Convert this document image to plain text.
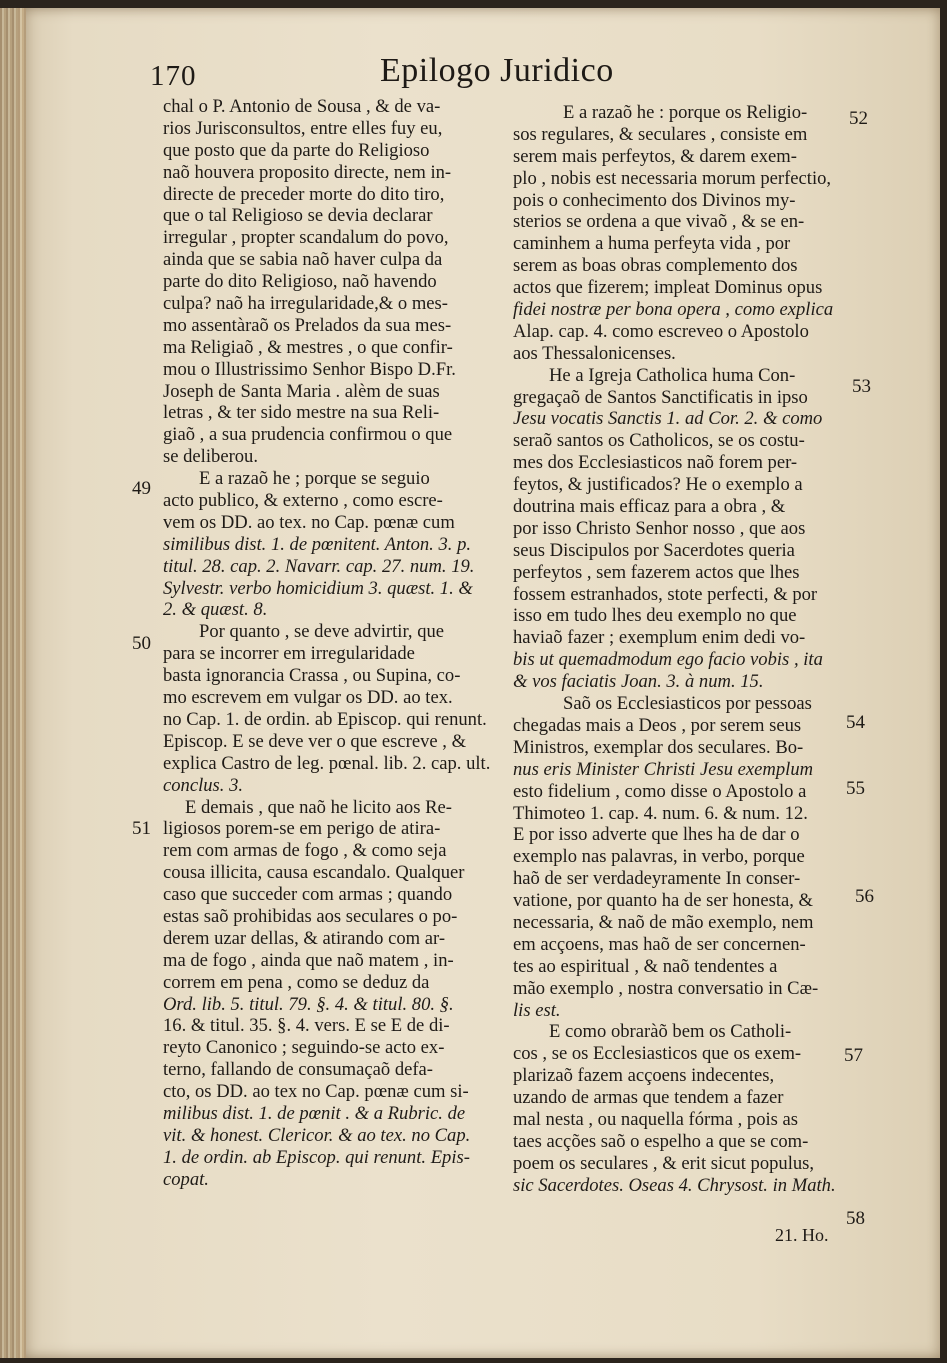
170	Epilogo Juridico
chal o P. Antonio de Sousa , & de va-
rios Jurisconsultos, entre elles fuy eu,
que posto que da parte do Religioso
naõ houvera proposito directe, nem in-
directe de preceder morte do dito tiro,
que o tal Religioso se devia declarar
irregular , propter scandalum do povo,
ainda que se sabia naõ haver culpa da
parte do dito Religioso, naõ havendo
culpa? naõ ha irregularidade,& o mes-
mo assentàraõ os Prelados da sua mes-
ma Religiaõ , & mestres , o que confir-
mou o Illustrissimo Senhor Bispo D.Fr.
Joseph de Santa Maria . alèm de suas
letras , & ter sido mestre na sua Reli-
giaõ , a sua prudencia confirmou o que
se deliberou.
E a razaõ he ; porque se seguio
acto publico, & externo , como escre-
vem os DD. ao tex. no Cap. pœnæ cum
similibus dist. 1. de pœnitent. Anton. 3. p.
titul. 28. cap. 2. Navarr. cap. 27. num. 19.
Sylvestr. verbo homicidium 3. quæst. 1. &
2. & quæst. 8.
Por quanto , se deve advirtir, que
para se incorrer em irregularidade
basta ignorancia Crassa , ou Supina, co-
mo escrevem em vulgar os DD. ao tex.
no Cap. 1. de ordin. ab Episcop. qui renunt.
Episcop. E se deve ver o que escreve , &
explica Castro de leg. pœnal. lib. 2. cap. ult.
conclus. 3.
E demais , que naõ he licito aos Re-
ligiosos porem-se em perigo de atira-
rem com armas de fogo , & como seja
cousa illicita, causa escandalo. Qualquer
caso que succeder com armas ; quando
estas saõ prohibidas aos seculares o po-
derem uzar dellas, & atirando com ar-
ma de fogo , ainda que naõ matem , in-
correm em pena , como se deduz da
Ord. lib. 5. titul. 79. §. 4. & titul. 80. §.
16. & titul. 35. §. 4. vers. E se E de di-
reyto Canonico ; seguindo-se acto ex-
terno, fallando de consumaçaõ defa-
cto, os DD. ao tex no Cap. pœnæ cum si-
milibus dist. 1. de pœnit . & a Rubric. de
vit. & honest. Clericor. & ao tex. no Cap.
1. de ordin. ab Episcop. qui renunt. Epis-
copat.
E a razaõ he : porque os Religio-
sos regulares, & seculares , consiste em
serem mais perfeytos, & darem exem-
plo , nobis est necessaria morum perfectio,
pois o conhecimento dos Divinos my-
sterios se ordena a que vivaõ , & se en-
caminhem a huma perfeyta vida , por
serem as boas obras complemento dos
actos que fizerem; impleat Dominus opus
fidei nostræ per bona opera , como explica
Alap. cap. 4. como escreveo o Apostolo
aos Thessalonicenses.
He a Igreja Catholica huma Con-
gregaçaõ de Santos Sanctificatis in ipso
Jesu vocatis Sanctis 1. ad Cor. 2. & como
seraõ santos os Catholicos, se os costu-
mes dos Ecclesiasticos naõ forem per-
feytos, & justificados? He o exemplo a
doutrina mais efficaz para a obra , &
por isso Christo Senhor nosso , que aos
seus Discipulos por Sacerdotes queria
perfeytos , sem fazerem actos que lhes
fossem estranhados, stote perfecti, & por
isso em tudo lhes deu exemplo no que
haviaõ fazer ; exemplum enim dedi vo-
bis ut quemadmodum ego facio vobis , ita
& vos faciatis Joan. 3. à num. 15.
Saõ os Ecclesiasticos por pessoas
chegadas mais a Deos , por serem seus
Ministros, exemplar dos seculares. Bo-
nus eris Minister Christi Jesu exemplum
esto fidelium , como disse o Apostolo a
Thimoteo 1. cap. 4. num. 6. & num. 12.
E por isso adverte que lhes ha de dar o
exemplo nas palavras, in verbo, porque
haõ de ser verdadeyramente In conser-
vatione, por quanto ha de ser honesta, &
necessaria, & naõ de mão exemplo, nem
em acçoens, mas haõ de ser concernen-
tes ao espiritual , & naõ tendentes a
mão exemplo , nostra conversatio in Cæ-
lis est.
E como obraràõ bem os Catholi-
cos , se os Ecclesiasticos que os exem-
plarizaõ fazem acçoens indecentes,
uzando de armas que tendem a fazer
mal nesta , ou naquella fórma , pois as
taes acções saõ o espelho a que se com-
poem os seculares , & erit sicut populus,
sic Sacerdotes. Oseas 4. Chrysost. in Math.
49
50
51
52
53
54
55
56
57
58
21. Ho.
